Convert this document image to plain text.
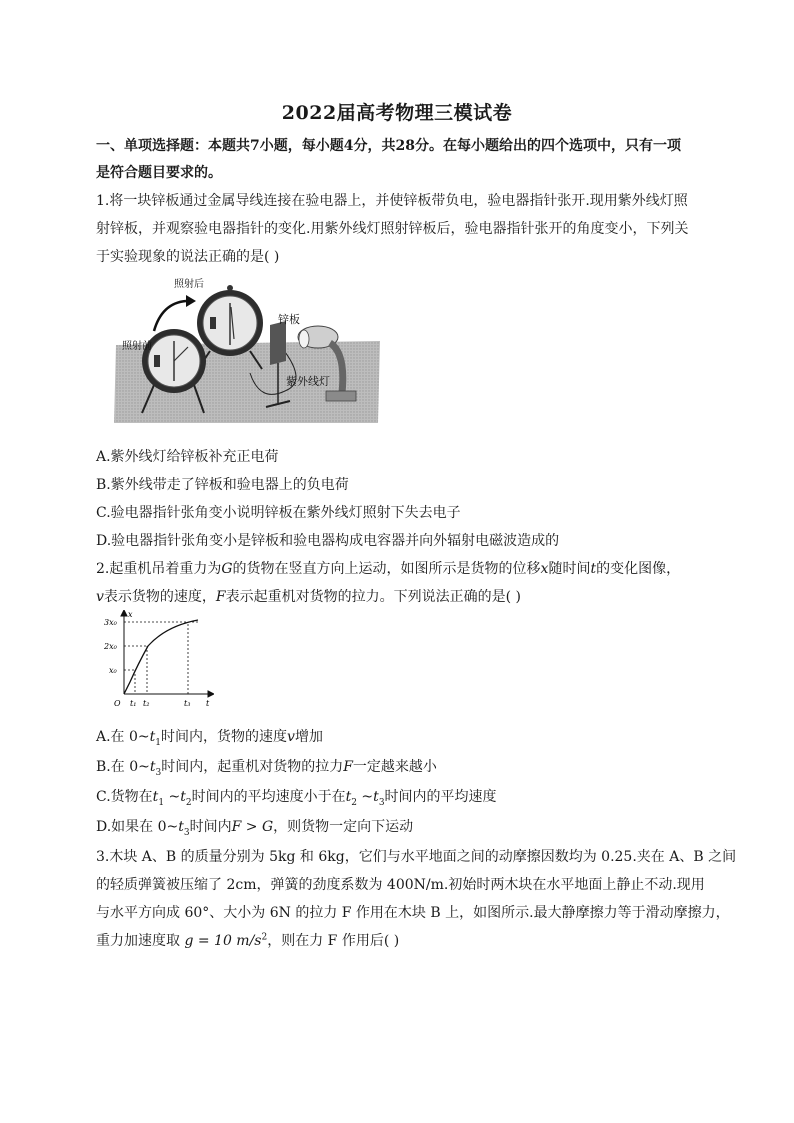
2022届高考物理三模试卷
一、单项选择题：本题共7小题，每小题4分，共28分。在每小题给出的四个选项中，只有一项
是符合题目要求的。
1.将一块锌板通过金属导线连接在验电器上，并使锌板带负电，验电器指针张开.现用紫外线灯照
射锌板，并观察验电器指针的变化.用紫外线灯照射锌板后，验电器指针张开的角度变小，下列关
于实验现象的说法正确的是( )
照射后
照射前
锌板
紫外线灯
A.紫外线灯给锌板补充正电荷
B.紫外线带走了锌板和验电器上的负电荷
C.验电器指针张角变小说明锌板在紫外线灯照射下失去电子
D.验电器指针张角变小是锌板和验电器构成电容器并向外辐射电磁波造成的
2.起重机吊着重力为G的货物在竖直方向上运动，如图所示是货物的位移x随时间t的变化图像，
v表示货物的速度，F表示起重机对货物的拉力。下列说法正确的是( )
x
t
O
3x₀
2x₀
x₀
t₁ t₂	t₃
A.在 $0\sim t_1$时间内，货物的速度v增加
B.在 $0\sim t_3$时间内，起重机对货物的拉力F一定越来越小
C.货物在$t_1$ $\sim t_2$时间内的平均速度小于在$t_2$ $\sim t_3$时间内的平均速度
D.如果在 $0\sim t_3$时间内F > G，则货物一定向下运动
3.木块 A、B 的质量分别为 5kg 和 6kg，它们与水平地面之间的动摩擦因数均为 0.25.夹在 A、B 之间
的轻质弹簧被压缩了 2cm，弹簧的劲度系数为 400N/m.初始时两木块在水平地面上静止不动.现用
与水平方向成 60°、大小为 6N 的拉力 F 作用在木块 B 上，如图所示.最大静摩擦力等于滑动摩擦力，
重力加速度取 g = 10 $m/s^2$，则在力 F 作用后( )
